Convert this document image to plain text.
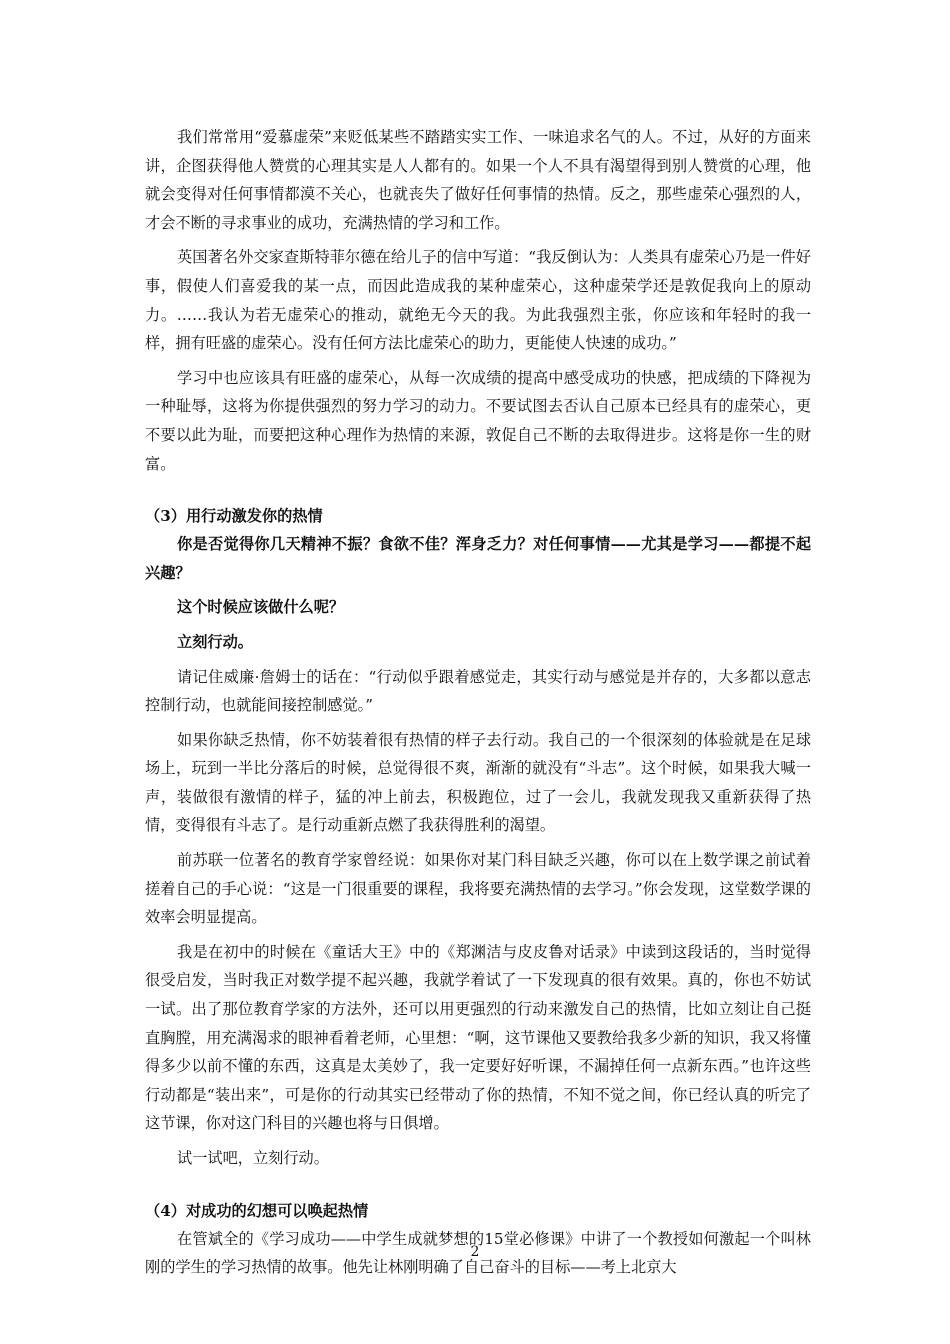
我们常常用“爱慕虚荣”来贬低某些不踏踏实实工作、一味追求名气的人。不过，从好的方面来讲，企图获得他人赞赏的心理其实是人人都有的。如果一个人不具有渴望得到别人赞赏的心理，他就会变得对任何事情都漠不关心，也就丧失了做好任何事情的热情。反之，那些虚荣心强烈的人，才会不断的寻求事业的成功，充满热情的学习和工作。

英国著名外交家查斯特菲尔德在给儿子的信中写道：“我反倒认为：人类具有虚荣心乃是一件好事，假使人们喜爱我的某一点，而因此造成我的某种虚荣心，这种虚荣学还是敦促我向上的原动力。……我认为若无虚荣心的推动，就绝无今天的我。为此我强烈主张，你应该和年轻时的我一样，拥有旺盛的虚荣心。没有任何方法比虚荣心的助力，更能使人快速的成功。”

学习中也应该具有旺盛的虚荣心，从每一次成绩的提高中感受成功的快感，把成绩的下降视为一种耻辱，这将为你提供强烈的努力学习的动力。不要试图去否认自己原本已经具有的虚荣心，更不要以此为耻，而要把这种心理作为热情的来源，敦促自己不断的去取得进步。这将是你一生的财富。

（3）用行动激发你的热情

你是否觉得你几天精神不振？食欲不佳？浑身乏力？对任何事情——尤其是学习——都提不起兴趣？

这个时候应该做什么呢？

立刻行动。

请记住威廉·詹姆士的话在：“行动似乎跟着感觉走，其实行动与感觉是并存的，大多都以意志控制行动，也就能间接控制感觉。”

如果你缺乏热情，你不妨装着很有热情的样子去行动。我自己的一个很深刻的体验就是在足球场上，玩到一半比分落后的时候，总觉得很不爽，渐渐的就没有“斗志”。这个时候，如果我大喊一声，装做很有激情的样子，猛的冲上前去，积极跑位，过了一会儿，我就发现我又重新获得了热情，变得很有斗志了。是行动重新点燃了我获得胜利的渴望。

前苏联一位著名的教育学家曾经说：如果你对某门科目缺乏兴趣，你可以在上数学课之前试着搓着自己的手心说：“这是一门很重要的课程，我将要充满热情的去学习。”你会发现，这堂数学课的效率会明显提高。

我是在初中的时候在《童话大王》中的《郑渊洁与皮皮鲁对话录》中读到这段话的，当时觉得很受启发，当时我正对数学提不起兴趣，我就学着试了一下发现真的很有效果。真的，你也不妨试一试。出了那位教育学家的方法外，还可以用更强烈的行动来激发自己的热情，比如立刻让自己挺直胸膛，用充满渴求的眼神看着老师，心里想：“啊，这节课他又要教给我多少新的知识，我又将懂得多少以前不懂的东西，这真是太美妙了，我一定要好好听课，不漏掉任何一点新东西。”也许这些行动都是“装出来”，可是你的行动其实已经带动了你的热情，不知不觉之间，你已经认真的听完了这节课，你对这门科目的兴趣也将与日俱增。

试一试吧，立刻行动。

（4）对成功的幻想可以唤起热情

在管斌全的《学习成功——中学生成就梦想的15堂必修课》中讲了一个教授如何激起一个叫林刚的学生的学习热情的故事。他先让林刚明确了自己奋斗的目标——考上北京大

2
